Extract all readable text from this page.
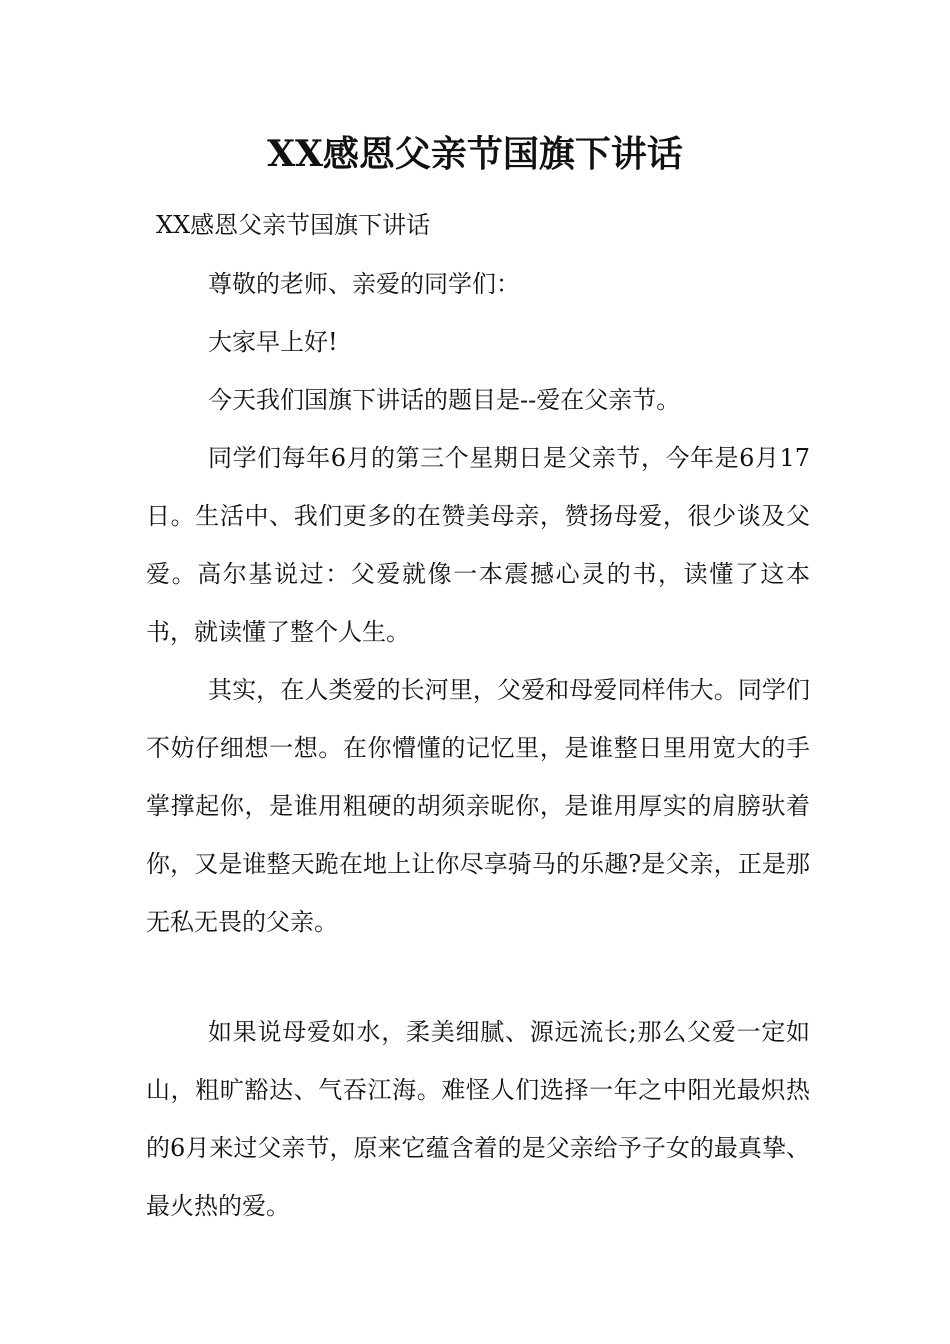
XX感恩父亲节国旗下讲话

XX感恩父亲节国旗下讲话

尊敬的老师、亲爱的同学们：

大家早上好!

今天我们国旗下讲话的题目是--爱在父亲节。

同学们每年6月的第三个星期日是父亲节，今年是6月17日。生活中、我们更多的在赞美母亲，赞扬母爱，很少谈及父爱。高尔基说过：父爱就像一本震撼心灵的书，读懂了这本书，就读懂了整个人生。

其实，在人类爱的长河里，父爱和母爱同样伟大。同学们不妨仔细想一想。在你懵懂的记忆里，是谁整日里用宽大的手掌撑起你，是谁用粗硬的胡须亲昵你，是谁用厚实的肩膀驮着你，又是谁整天跪在地上让你尽享骑马的乐趣?是父亲，正是那无私无畏的父亲。

如果说母爱如水，柔美细腻、源远流长;那么父爱一定如山，粗旷豁达、气吞江海。难怪人们选择一年之中阳光最炽热的6月来过父亲节，原来它蕴含着的是父亲给予子女的最真挚、最火热的爱。
